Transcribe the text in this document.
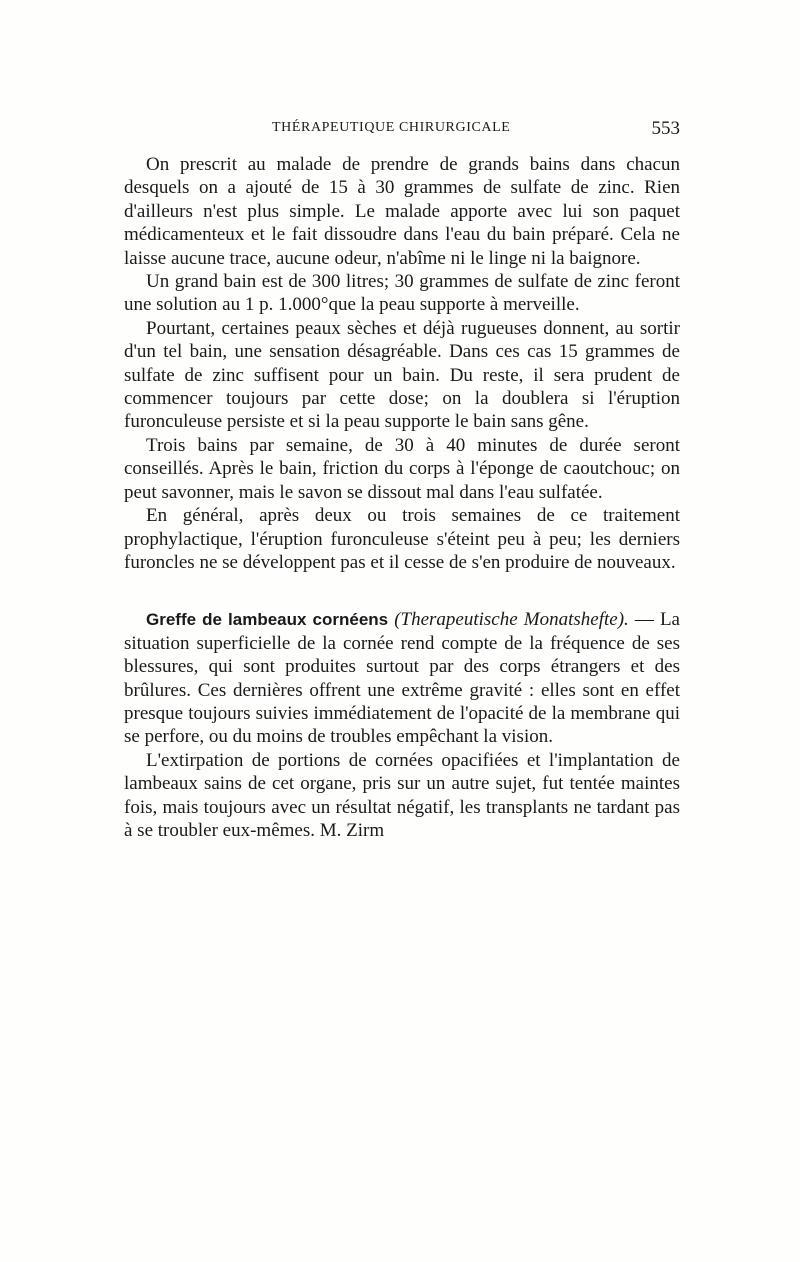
THÉRAPEUTIQUE CHIRURGICALE	553

On prescrit au malade de prendre de grands bains dans chacun desquels on a ajouté de 15 à 30 grammes de sulfate de zinc. Rien d'ailleurs n'est plus simple. Le malade apporte avec lui son paquet médicamenteux et le fait dissoudre dans l'eau du bain préparé. Cela ne laisse aucune trace, aucune odeur, n'abîme ni le linge ni la baignore.

Un grand bain est de 300 litres; 30 grammes de sulfate de zinc feront une solution au 1 p. 1.000°que la peau supporte à merveille.

Pourtant, certaines peaux sèches et déjà rugueuses donnent, au sortir d'un tel bain, une sensation désagréable. Dans ces cas 15 grammes de sulfate de zinc suffisent pour un bain. Du reste, il sera prudent de commencer toujours par cette dose; on la doublera si l'éruption furonculeuse persiste et si la peau supporte le bain sans gêne.

Trois bains par semaine, de 30 à 40 minutes de durée seront conseillés. Après le bain, friction du corps à l'éponge de caoutchouc; on peut savonner, mais le savon se dissout mal dans l'eau sulfatée.

En général, après deux ou trois semaines de ce traitement prophylactique, l'éruption furonculeuse s'éteint peu à peu; les derniers furoncles ne se développent pas et il cesse de s'en produire de nouveaux.

Greffe de lambeaux cornéens (Therapeutische Monatshefte). — La situation superficielle de la cornée rend compte de la fréquence de ses blessures, qui sont produites surtout par des corps étrangers et des brûlures. Ces dernières offrent une extrême gravité : elles sont en effet presque toujours suivies immédiatement de l'opacité de la membrane qui se perfore, ou du moins de troubles empêchant la vision.

L'extirpation de portions de cornées opacifiées et l'implantation de lambeaux sains de cet organe, pris sur un autre sujet, fut tentée maintes fois, mais toujours avec un résultat négatif, les transplants ne tardant pas à se troubler eux-mêmes. M. Zirm
